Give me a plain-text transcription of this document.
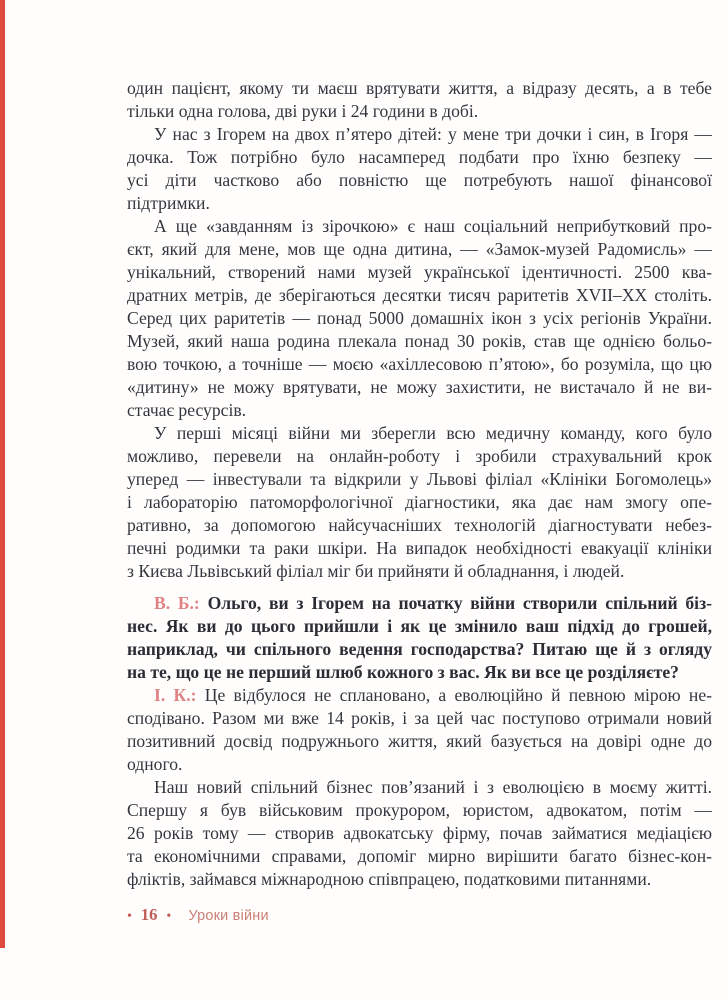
один пацієнт, якому ти маєш врятувати життя, а відразу десять, а в тебе
тільки одна голова, дві руки і 24 години в добі.
У нас з Ігорем на двох п’ятеро дітей: у мене три дочки і син, в Ігоря —
дочка. Тож потрібно було насамперед подбати про їхню безпеку —
усі діти частково або повністю ще потребують нашої фінансової
підтримки.
А ще «завданням із зірочкою» є наш соціальний неприбутковий про-
єкт, який для мене, мов ще одна дитина, — «Замок-музей Радомисль» —
унікальний, створений нами музей української ідентичності. 2500 ква-
дратних метрів, де зберігаються десятки тисяч раритетів XVII–XX століть.
Серед цих раритетів — понад 5000 домашніх ікон з усіх регіонів України.
Музей, який наша родина плекала понад 30 років, став ще однією больо-
вою точкою, а точніше — моєю «ахіллесовою п’ятою», бо розуміла, що цю
«дитину» не можу врятувати, не можу захистити, не вистачало й не ви-
стачає ресурсів.
У перші місяці війни ми зберегли всю медичну команду, кого було
можливо, перевели на онлайн-роботу і зробили страхувальний крок
уперед — інвестували та відкрили у Львові філіал «Клініки Богомолець»
і лабораторію патоморфологічної діагностики, яка дає нам змогу опе-
ративно, за допомогою найсучасніших технологій діагностувати небез-
печні родимки та раки шкіри. На випадок необхідності евакуації клініки
з Києва Львівський філіал міг би прийняти й обладнання, і людей.
В. Б.: Ольго, ви з Ігорем на початку війни створили спільний біз-
нес. Як ви до цього прийшли і як це змінило ваш підхід до грошей,
наприклад, чи спільного ведення господарства? Питаю ще й з огляду
на те, що це не перший шлюб кожного з вас. Як ви все це розділяєте?
І. К.: Це відбулося не сплановано, а еволюційно й певною мірою не-
сподівано. Разом ми вже 14 років, і за цей час поступово отримали новий
позитивний досвід подружнього життя, який базується на довірі одне до
одного.
Наш новий спільний бізнес пов’язаний і з еволюцією в моєму житті.
Спершу я був військовим прокурором, юристом, адвокатом, потім —
26 років тому — створив адвокатську фірму, почав займатися медіацією
та економічними справами, допоміг мирно вирішити багато бізнес-кон-
фліктів, займався міжнародною співпрацею, податковими питаннями.
• 16 • Уроки війни
